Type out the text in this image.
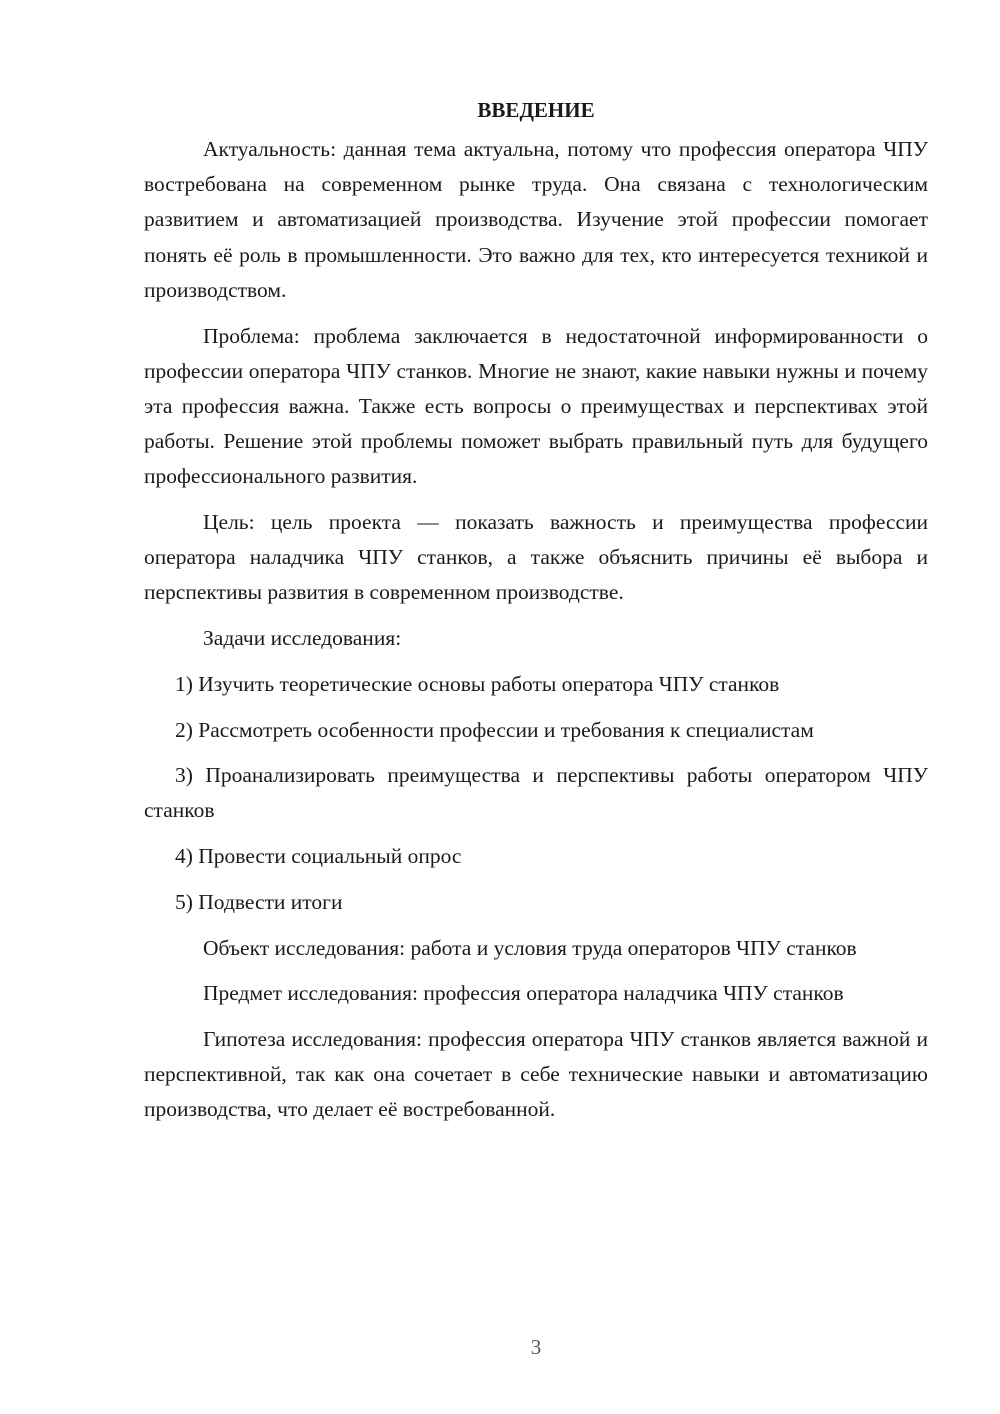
ВВЕДЕНИЕ

Актуальность: данная тема актуальна, потому что профессия оператора ЧПУ востребована на современном рынке труда. Она связана с технологическим развитием и автоматизацией производства. Изучение этой профессии помогает понять её роль в промышленности. Это важно для тех, кто интересуется техникой и производством.

Проблема: проблема заключается в недостаточной информированности о профессии оператора ЧПУ станков. Многие не знают, какие навыки нужны и почему эта профессия важна. Также есть вопросы о преимуществах и перспективах этой работы. Решение этой проблемы поможет выбрать правильный путь для будущего профессионального развития.

Цель: цель проекта — показать важность и преимущества профессии оператора наладчика ЧПУ станков, а также объяснить причины её выбора и перспективы развития в современном производстве.

Задачи исследования:

1) Изучить теоретические основы работы оператора ЧПУ станков

2) Рассмотреть особенности профессии и требования к специалистам

3) Проанализировать преимущества и перспективы работы оператором ЧПУ станков

4) Провести социальный опрос

5) Подвести итоги

Объект исследования: работа и условия труда операторов ЧПУ станков

Предмет исследования: профессия оператора наладчика ЧПУ станков

Гипотеза исследования: профессия оператора ЧПУ станков является важной и перспективной, так как она сочетает в себе технические навыки и автоматизацию производства, что делает её востребованной.

3
